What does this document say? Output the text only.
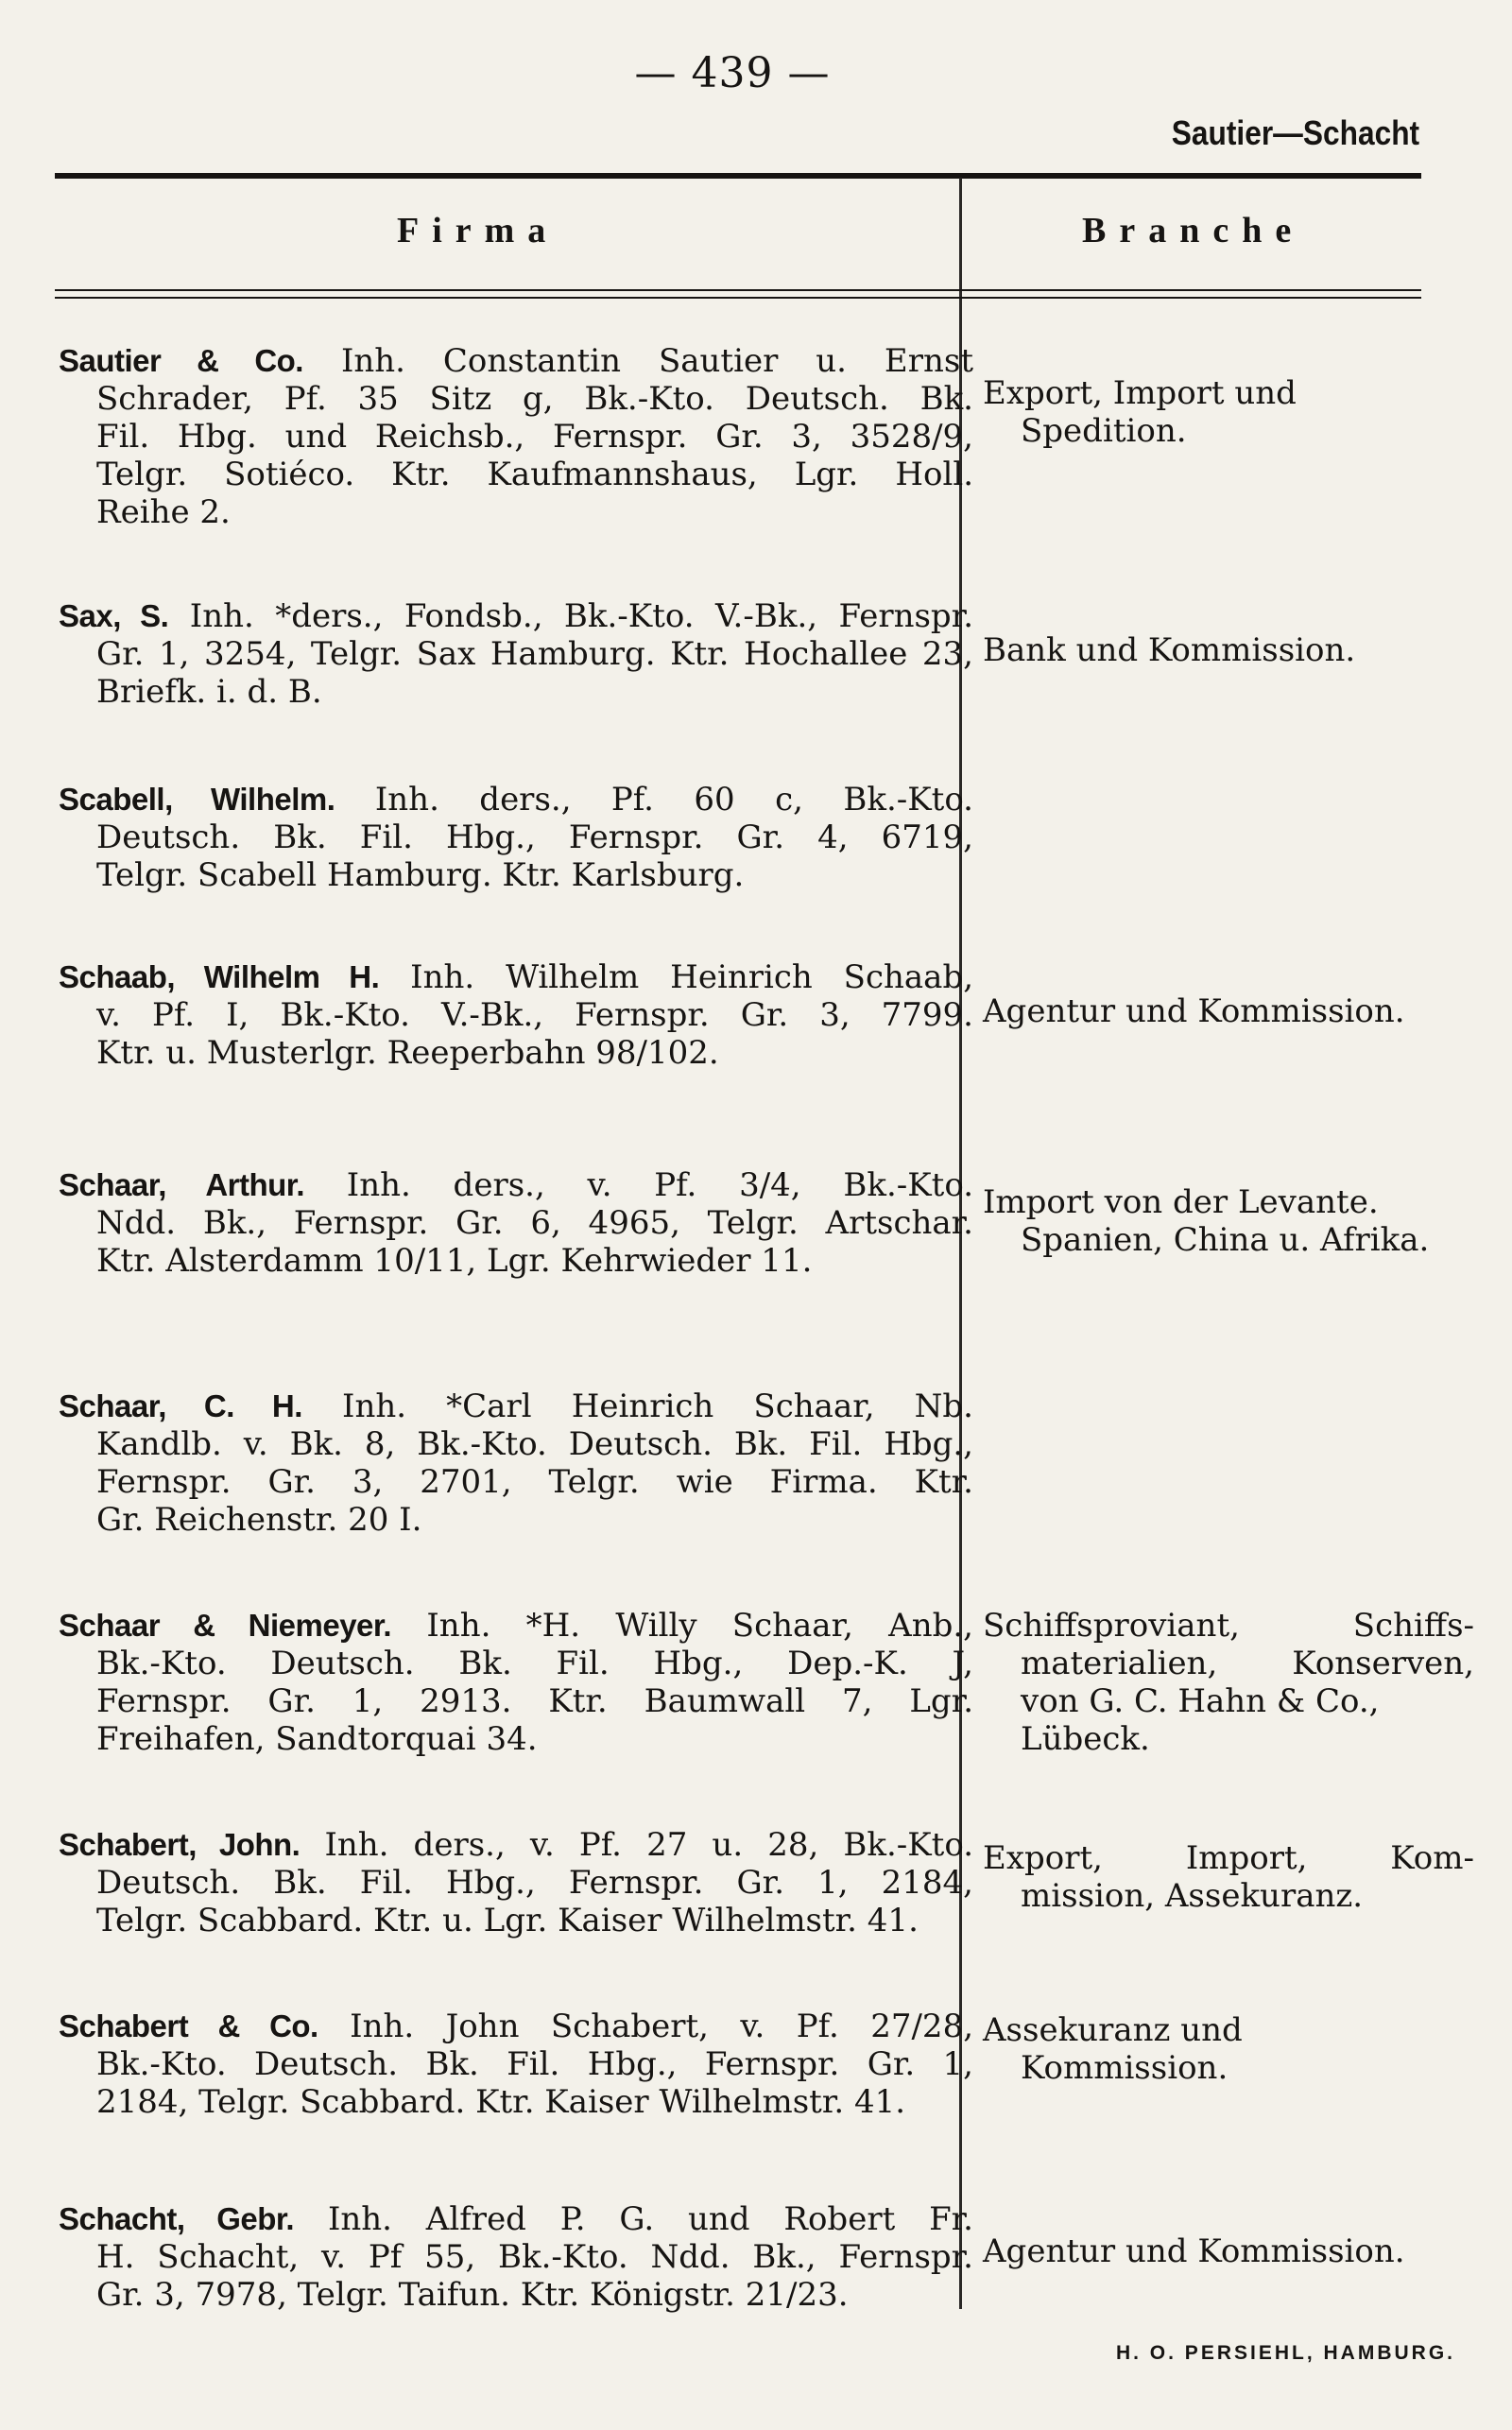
— 439 —
Sautier—Schacht
Firma	Branche

Sautier & Co. Inh. Constantin Sautier u. Ernst

Schrader, Pf. 35 Sitz g, Bk.-Kto. Deutsch. Bk.

Fil. Hbg. und Reichsb., Fernspr. Gr. 3, 3528/9,

Telgr. Sotiéco. Ktr. Kaufmannshaus, Lgr. Holl.

Reihe 2.

Export, Import und

Spedition.

Sax, S. Inh. *ders., Fondsb., Bk.-Kto. V.-Bk., Fernspr.

Gr. 1, 3254, Telgr. Sax Hamburg. Ktr. Hochallee 23,

Briefk. i. d. B.

Bank und Kommission.

Scabell, Wilhelm. Inh. ders., Pf. 60 c, Bk.-Kto.

Deutsch. Bk. Fil. Hbg., Fernspr. Gr. 4, 6719,

Telgr. Scabell Hamburg. Ktr. Karlsburg.

Schaab, Wilhelm H. Inh. Wilhelm Heinrich Schaab,

v. Pf. I, Bk.-Kto. V.-Bk., Fernspr. Gr. 3, 7799.

Ktr. u. Musterlgr. Reeperbahn 98/102.

Agentur und Kommission.

Schaar, Arthur. Inh. ders., v. Pf. 3/4, Bk.-Kto.

Ndd. Bk., Fernspr. Gr. 6, 4965, Telgr. Artschar.

Ktr. Alsterdamm 10/11, Lgr. Kehrwieder 11.

Import von der Levante.

Spanien, China u. Afrika.

Schaar, C. H. Inh. *Carl Heinrich Schaar, Nb.

Kandlb. v. Bk. 8, Bk.-Kto. Deutsch. Bk. Fil. Hbg.,

Fernspr. Gr. 3, 2701, Telgr. wie Firma. Ktr.

Gr. Reichenstr. 20 I.

Schaar & Niemeyer. Inh. *H. Willy Schaar, Anb.,

Bk.-Kto. Deutsch. Bk. Fil. Hbg., Dep.-K. J,

Fernspr. Gr. 1, 2913. Ktr. Baumwall 7, Lgr.

Freihafen, Sandtorquai 34.

Schiffsproviant, Schiffs-

materialien, Konserven,

von G. C. Hahn & Co.,

Lübeck.

Schabert, John. Inh. ders., v. Pf. 27 u. 28, Bk.-Kto.

Deutsch. Bk. Fil. Hbg., Fernspr. Gr. 1, 2184,

Telgr. Scabbard. Ktr. u. Lgr. Kaiser Wilhelmstr. 41.

Export, Import, Kom-

mission, Assekuranz.

Schabert & Co. Inh. John Schabert, v. Pf. 27/28,

Bk.-Kto. Deutsch. Bk. Fil. Hbg., Fernspr. Gr. 1,

2184, Telgr. Scabbard. Ktr. Kaiser Wilhelmstr. 41.

Assekuranz und

Kommission.

Schacht, Gebr. Inh. Alfred P. G. und Robert Fr.

H. Schacht, v. Pf 55, Bk.-Kto. Ndd. Bk., Fernspr.

Gr. 3, 7978, Telgr. Taifun. Ktr. Königstr. 21/23.

Agentur und Kommission.

H. O. PERSIEHL, HAMBURG.
